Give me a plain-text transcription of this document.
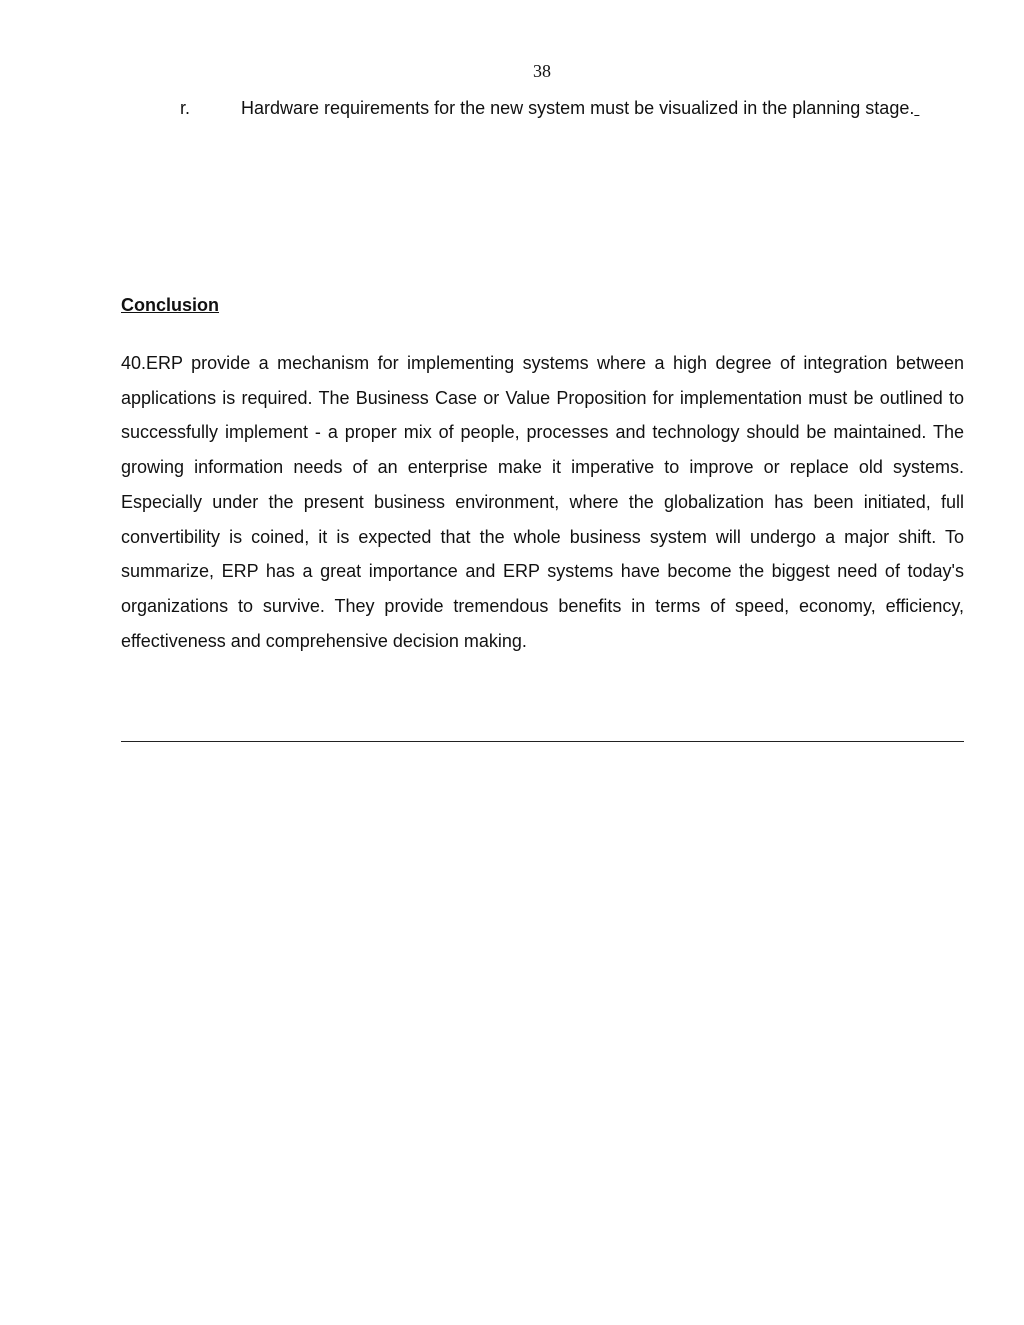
38
r.	Hardware requirements for the new system must be visualized in the planning stage.
Conclusion

40.ERP provide a mechanism for implementing systems where a high degree of integration between applications is required. The Business Case or Value Proposition for implementation must be outlined to successfully implement - a proper mix of people, processes and technology should be maintained. The growing information needs of an enterprise make it imperative to improve or replace old systems. Especially under the present business environment, where the globalization has been initiated, full convertibility is coined, it is expected that the whole business system will undergo a major shift. To summarize, ERP has a great importance and ERP systems have become the biggest need of today's organizations to survive. They provide tremendous benefits in terms of speed, economy, efficiency, effectiveness and comprehensive decision making.
